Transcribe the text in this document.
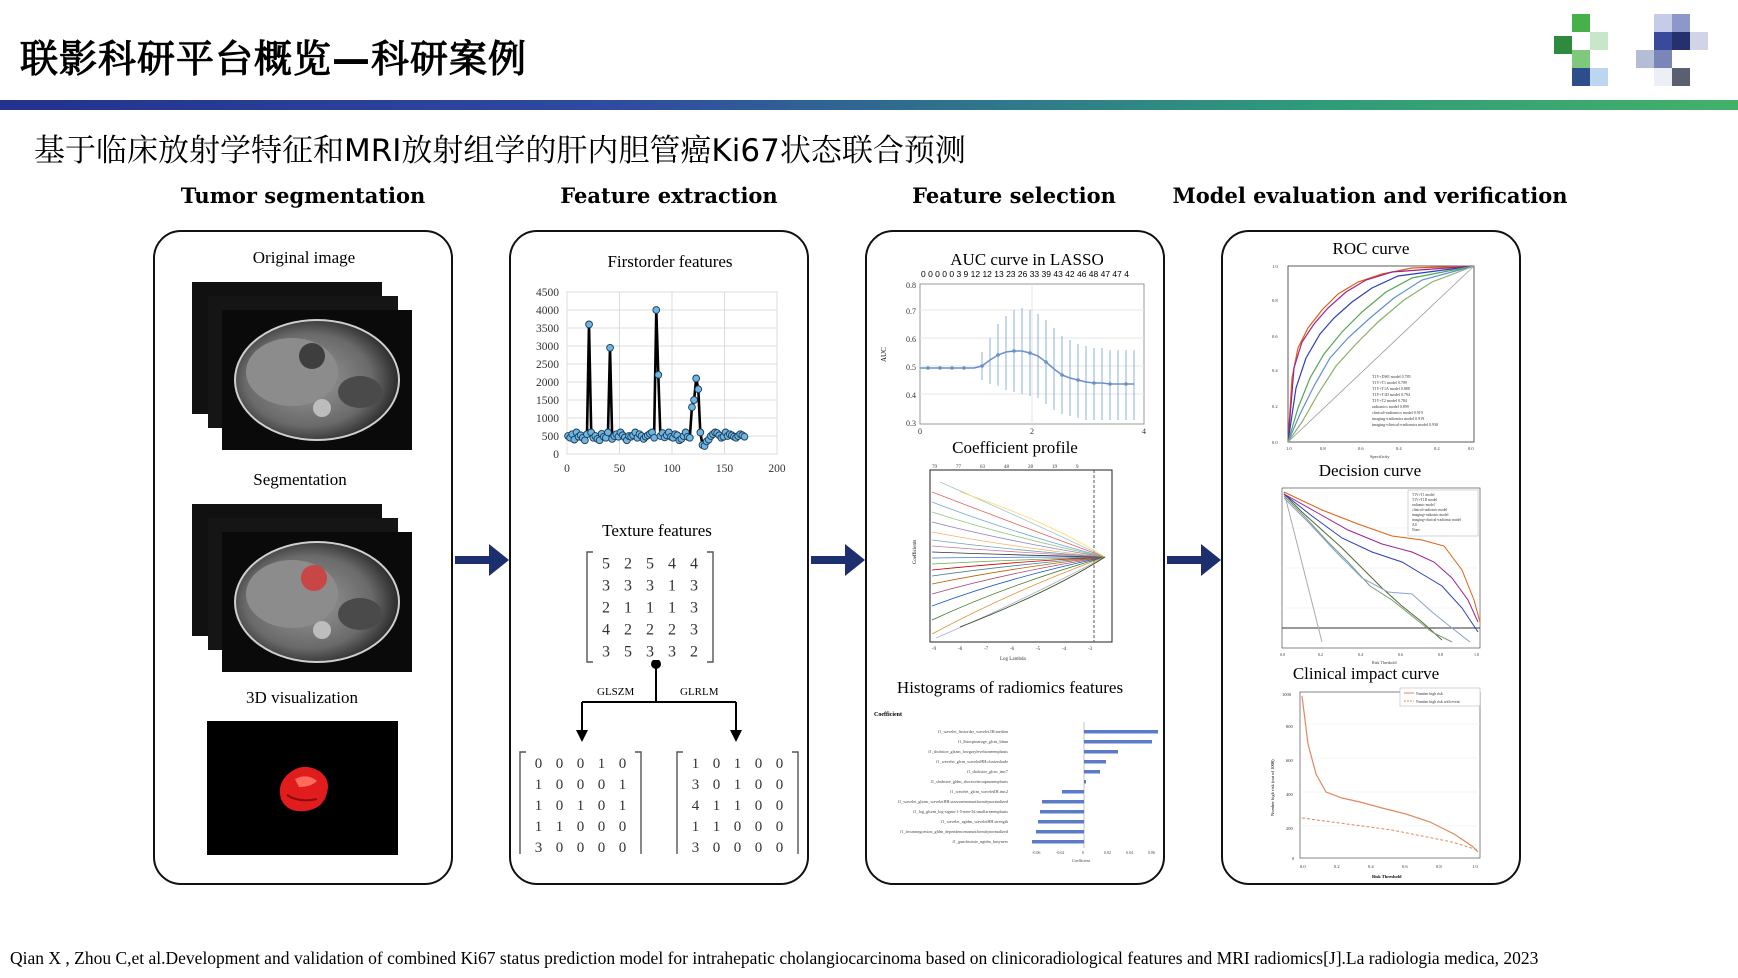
联影科研平台概览—科研案例
基于临床放射学特征和MRI放射组学的肝内胆管癌Ki67状态联合预测
Tumor segmentation	Feature extraction	Feature selection	Model evaluation and verification
Original image
Segmentation
3D visualization
Firstorder features
0
500
1000
1500
2000
2500
3000
3500
4000
4500
0	50	100	150	200
Texture features
5 2 5 4 4
3 3 3 1 3
2 1 1 1 3
4 2 2 2 3
3 5 3 3 2
GLSZM	GLRLM
0 0 0 1 0
1 0 0 0 1
1 0 1 0 1
1 1 0 0 0
3 0 0 0 0
1 0 1 0 0
3 0 1 0 0
4 1 1 0 0
1 1 0 0 0
3 0 0 0 0
AUC curve in LASSO
0 0 0 0 0 3 9 12 12 13 23 26 33 39 43 42 46 48 47 47 4
0.8
0.7
0.6
0.5
0.4
0.3
0	2	4
AUC
Coefficient profile
79	77	63	48	28	19	9
-9	-8	-7	-6	-5	-4	-3
Log Lambda
Coefficients
Histograms of radiomics features
Coefficient
f1_wavelet_firstorder_wavelet.IH.median
f1_lbsucpinaroge_glcm_ldmn
f1_shohsioe_glszm_lowgraylevelzoneemphasis
f1_wavelet_glcm_waveletHH.clustershade
f1_shohsioe_glcm_imc7
f1_shohsioe_gldm_shortweitrouprunemphasis
f1_wavelet_glcm_waveletIH.imc2
f1_wavelet_glszm_waveletHH.sizezonenonuniformitynormalized
f1_log_glszm_log-sigma-1-5-mm-3d.smallareaemphasis
f1_wavelet_ngtdm_waveletHH.strength
f1_lecumsegoesion_gldm_dependencenonuniformitynormalized
f1_gunclmissie_ngtdm_busyness
-0.06	-0.02	0	0.02	0.04	0.06
Coefficient
ROC curve
T1V+DWI model 0.785
T1V+T1 model 0.789
T1V+T1A model 0.888
T1V+T1D model 0.794
T1V+T2 model 0.784
radiomics model 0.899
clinical+radiomics model 0.919
imaging+radiomics model 0.919
imaging+clinical+radiomics model 0.930
1.0	0.8	0.6	0.4	0.2	0.0
Specificity
0.0
0.2
0.4
0.6
0.8
1.0
Decision curve
T1V+T1 model
T1V+T1D model
radiomic model
clinical+radiomic model
imaging+radiomic model
imaging+clinical+radiomic model
All
None
0.0	0.2	0.4	0.6	0.8	1.0
Risk Threshold
Clinical impact curve
Number high risk
Number high risk with event
1000
800
600
400
200
0
0.0	0.2	0.4	0.6	0.8	1.0
Risk Threshold
Number high risk (out of 1000)
Qian X , Zhou C,et al.Development and validation of combined Ki67 status prediction model for intrahepatic cholangiocarcinoma based on clinicoradiological features and MRI radiomics[J].La radiologia medica, 2023
